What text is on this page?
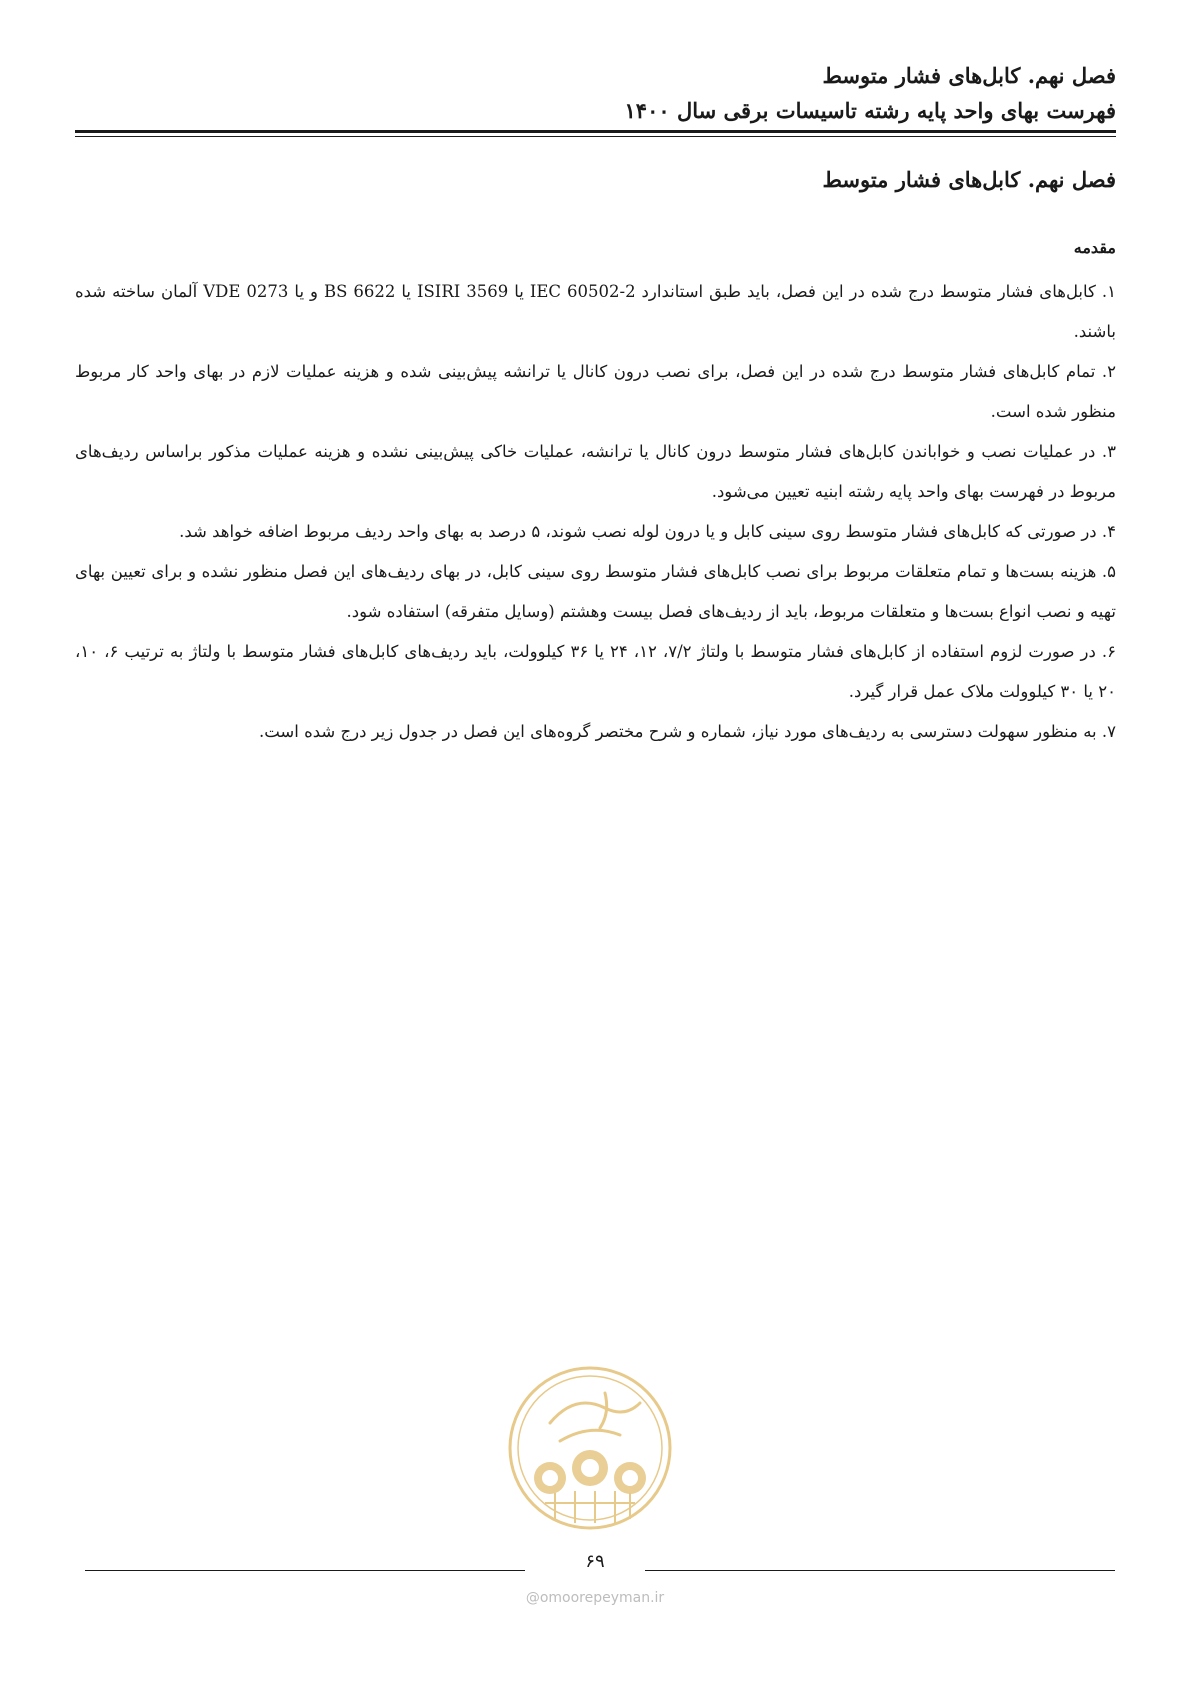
فصل نهم. کابل‌های فشار متوسط
فهرست بهای واحد پایه رشته تاسیسات برقی سال ۱۴۰۰
فصل نهم. کابل‌های فشار متوسط
مقدمه

۱. کابل‌های فشار متوسط درج شده در این فصل، باید طبق استاندارد IEC 60502-2 یا ISIRI 3569 یا BS 6622 و یا VDE 0273 آلمان ساخته شده باشند.

۲. تمام کابل‌های فشار متوسط درج شده در این فصل، برای نصب درون کانال یا ترانشه پیش‌بینی شده و هزینه عملیات لازم در بهای واحد کار مربوط منظور شده است.

۳. در عملیات نصب و خواباندن کابل‌های فشار متوسط درون کانال یا ترانشه، عملیات خاکی پیش‌بینی نشده و هزینه عملیات مذکور براساس ردیف‌های مربوط در فهرست بهای واحد پایه رشته ابنیه تعیین می‌شود.

۴. در صورتی که کابل‌های فشار متوسط روی سینی کابل و یا درون لوله نصب شوند، ۵ درصد به بهای واحد ردیف مربوط اضافه خواهد شد.

۵. هزینه بست‌ها و تمام متعلقات مربوط برای نصب کابل‌های فشار متوسط روی سینی کابل، در بهای ردیف‌های این فصل منظور نشده و برای تعیین بهای تهیه و نصب انواع بست‌ها و متعلقات مربوط، باید از ردیف‌های فصل بیست وهشتم (وسایل متفرقه) استفاده شود.

۶. در صورت لزوم استفاده از کابل‌های فشار متوسط با ولتاژ ۷/۲، ۱۲، ۲۴ یا ۳۶ کیلوولت، باید ردیف‌های کابل‌های فشار متوسط با ولتاژ به ترتیب ۶، ۱۰، ۲۰ یا ۳۰ کیلوولت ملاک عمل قرار گیرد.

۷. به منظور سهولت دسترسی به ردیف‌های مورد نیاز، شماره و شرح مختصر گروه‌های این فصل در جدول زیر درج شده است.

۶۹
@omoorepeyman.ir
